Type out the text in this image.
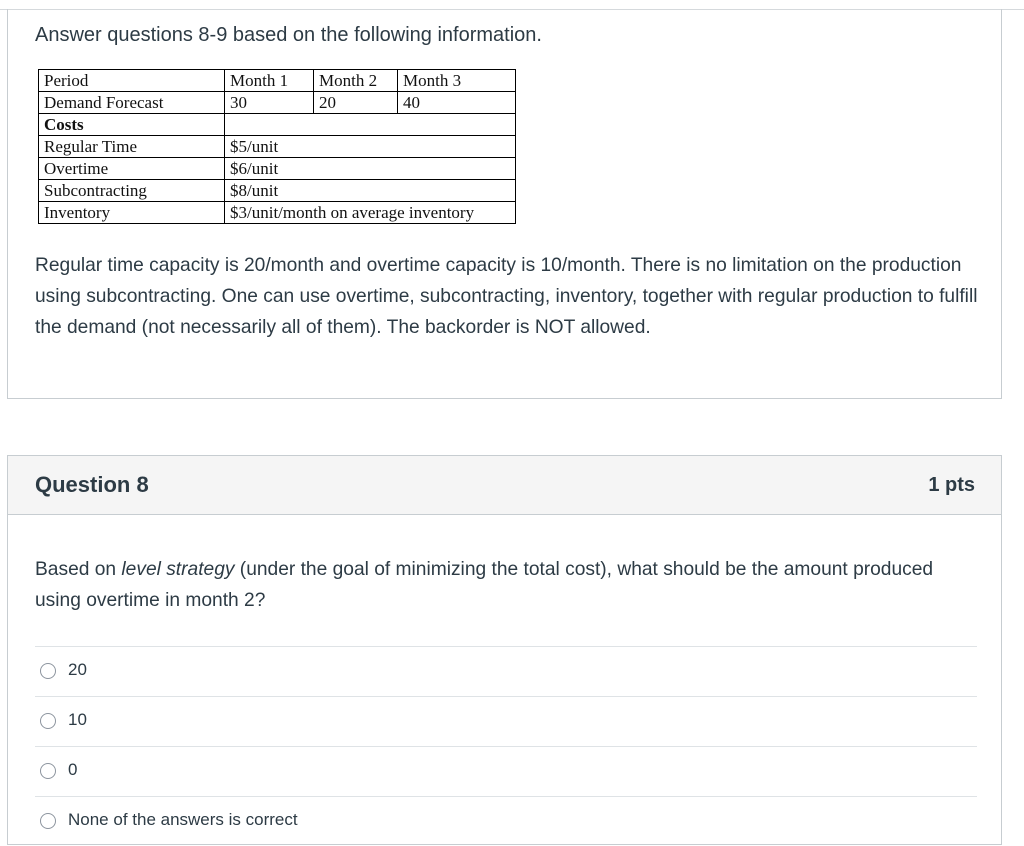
Answer questions 8-9 based on the following information.
Period	Month 1	Month 2	Month 3
Demand Forecast	30	20	40
Costs			
Regular Time	$5/unit		
Overtime	$6/unit		
Subcontracting	$8/unit		
Inventory	$3/unit/month on average inventory		
Regular time capacity is 20/month and overtime capacity is 10/month. There is no limitation on the production using subcontracting. One can use overtime, subcontracting, inventory, together with regular production to fulfill the demand (not necessarily all of them). The backorder is NOT allowed.
Question 8	1 pts
Based on level strategy (under the goal of minimizing the total cost), what should be the amount produced using overtime in month 2?
20
10
0
None of the answers is correct
